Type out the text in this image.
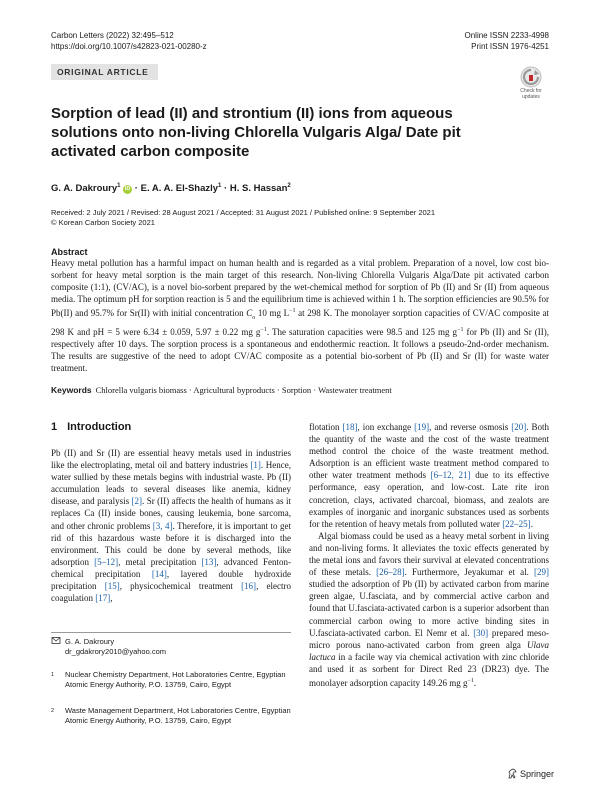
Carbon Letters (2022) 32:495–512
https://doi.org/10.1007/s42823-021-00280-z
Online ISSN 2233-4998
Print ISSN 1976-4251
ORIGINAL ARTICLE
Check for
updates
Sorption of lead (II) and strontium (II) ions from aqueous solutions onto non-living Chlorella Vulgaris Alga/ Date pit activated carbon composite
G. A. Dakroury$^1$ iD · E. A. A. El-Shazly$^1$ · H. S. Hassan$^2$
Received: 2 July 2021 / Revised: 28 August 2021 / Accepted: 31 August 2021 / Published online: 9 September 2021
© Korean Carbon Society 2021
Abstract
Heavy metal pollution has a harmful impact on human health and is regarded as a vital problem. Preparation of a novel, low cost bio-sorbent for heavy metal sorption is the main target of this research. Non-living Chlorella Vulgaris Alga/Date pit activated carbon composite (1:1), (CV/AC), is a novel bio-sorbent prepared by the wet-chemical method for sorption of Pb (II) and Sr (II) from aqueous media. The optimum pH for sorption reaction is 5 and the equilibrium time is achieved within 1 h. The sorption efficiencies are 90.5% for Pb(II) and 95.7% for Sr(II) with initial concentration $C_o$ 10 mg $L^{-1}$ at 298 K. The monolayer sorption capacities of CV/AC composite at 298 K and pH = 5 were 6.34 ± 0.059, 5.97 ± 0.22 mg $g^{-1}$. The saturation capacities were 98.5 and 125 mg $g^{-1}$ for Pb (II) and Sr (II), respectively after 10 days. The sorption process is a spontaneous and endothermic reaction. It follows a pseudo-2nd-order mechanism. The results are suggestive of the need to adopt CV/AC composite as a potential bio-sorbent of Pb (II) and Sr (II) for waste water treatment.
Keywords Chlorella vulgaris biomass · Agricultural byproducts · Sorption · Wastewater treatment
1 Introduction

Pb (II) and Sr (II) are essential heavy metals used in industries like the electroplating, metal oil and battery industries [1]. Hence, water sullied by these metals begins with industrial waste. Pb (II) accumulation leads to several diseases like anemia, kidney disease, and paralysis [2]. Sr (II) affects the health of humans as it replaces Ca (II) inside bones, causing leukemia, bone sarcoma, and other chronic problems [3, 4]. Therefore, it is important to get rid of this hazardous waste before it is discharged into the environment. This could be done by several methods, like adsorption [5–12], metal precipitation [13], advanced Fenton-chemical precipitation [14], layered double hydroxide precipitation [15], physicochemical treatment [16], electro coagulation [17],

flotation [18], ion exchange [19], and reverse osmosis [20]. Both the quantity of the waste and the cost of the waste treatment method control the choice of the waste treatment method. Adsorption is an efficient waste treatment method compared to other water treatment methods [6–12, 21] due to its effective performance, easy operation, and low-cost. Late rite iron concretion, clays, activated charcoal, biomass, and zealots are examples of inorganic and inorganic substances used as sorbents for the retention of heavy metals from polluted water [22–25].

Algal biomass could be used as a heavy metal sorbent in living and non-living forms. It alleviates the toxic effects generated by the metal ions and favors their survival at elevated concentrations of these metals. [26–28]. Furthermore, Jeyakumar et al. [29] studied the adsorption of Pb (II) by activated carbon from marine green algae, U.fasciata, and by commercial active carbon and found that U.fasciata-activated carbon is a superior adsorbent than commercial carbon owing to more active binding sites in U.fasciata-activated carbon. El Nemr et al. [30] prepared meso-micro porous nano-activated carbon from green alga Ulava lactuca in a facile way via chemical activation with zinc chloride and used it as sorbent for Direct Red 23 (DR23) dye. The monolayer adsorption capacity 149.26 mg $g^{-1}$.

G. A. Dakroury
dr_gdakrory2010@yahoo.com
1	Nuclear Chemistry Department, Hot Laboratories Centre, Egyptian Atomic Energy Authority, P.O. 13759, Cairo, Egypt
2	Waste Management Department, Hot Laboratories Centre, Egyptian Atomic Energy Authority, P.O. 13759, Cairo, Egypt
Springer
